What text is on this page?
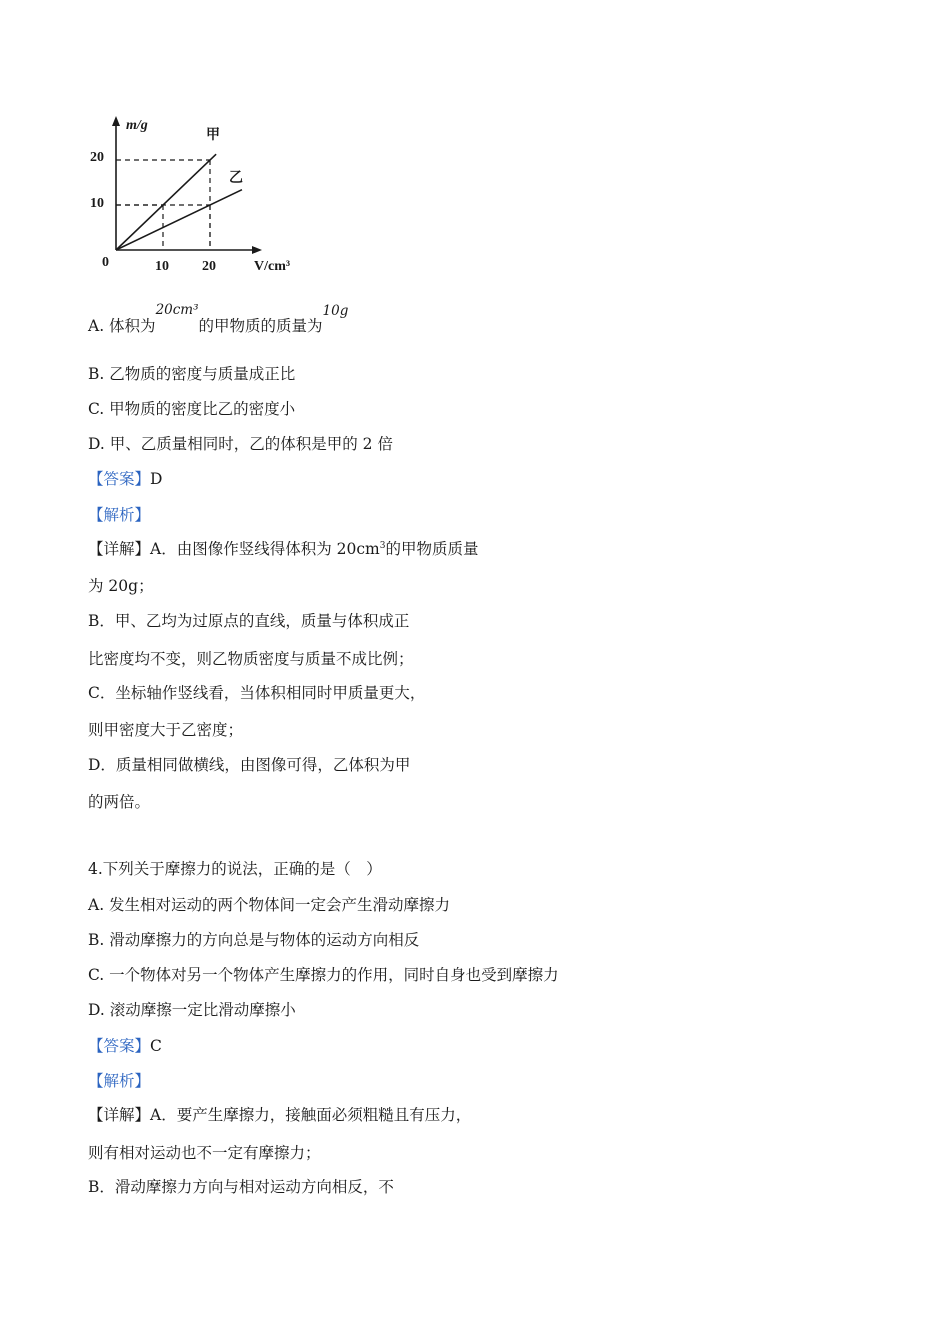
m/g
V/cm³
0
20
10
10 20
甲
乙
A. 体积为20cm³的甲物质的质量为10g
B. 乙物质的密度与质量成正比
C. 甲物质的密度比乙的密度小
D. 甲、乙质量相同时，乙的体积是甲的 2 倍
【答案】D
【解析】
【详解】A．由图像作竖线得体积为 $20cm^3$的甲物质质量
为 20g；
B．甲、乙均为过原点的直线，质量与体积成正
比密度均不变，则乙物质密度与质量不成比例；
C．坐标轴作竖线看，当体积相同时甲质量更大，
则甲密度大于乙密度；
D．质量相同做横线，由图像可得，乙体积为甲
的两倍。
4.下列关于摩擦力的说法，正确的是（　）
A. 发生相对运动的两个物体间一定会产生滑动摩擦力
B. 滑动摩擦力的方向总是与物体的运动方向相反
C. 一个物体对另一个物体产生摩擦力的作用，同时自身也受到摩擦力
D. 滚动摩擦一定比滑动摩擦小
【答案】C
【解析】
【详解】A．要产生摩擦力，接触面必须粗糙且有压力，
则有相对运动也不一定有摩擦力；
B．滑动摩擦力方向与相对运动方向相反，不
